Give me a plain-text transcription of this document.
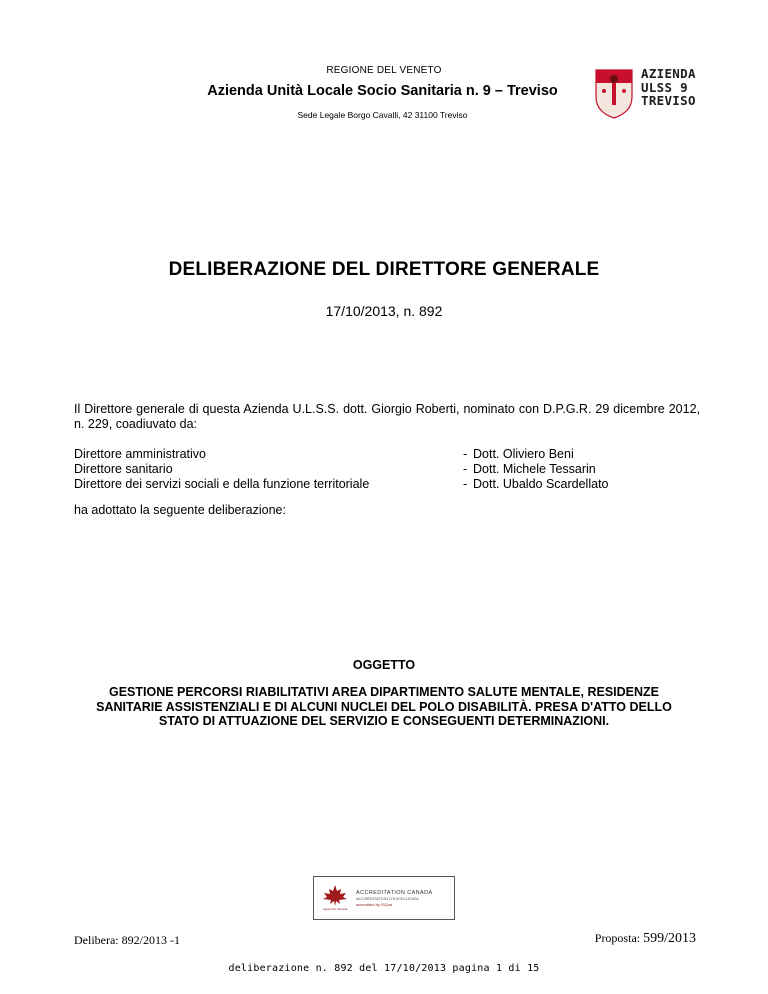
REGIONE DEL VENETO
Azienda Unità Locale Socio Sanitaria n. 9 – Treviso
Sede Legale Borgo Cavalli, 42 31100 Treviso
AZIENDA
ULSS 9
TREVISO
DELIBERAZIONE DEL DIRETTORE GENERALE
17/10/2013, n. 892
Il Direttore generale di questa Azienda U.L.S.S. dott. Giorgio Roberti, nominato con D.P.G.R. 29 dicembre 2012, n. 229, coadiuvato da:
Direttore amministrativo
Direttore sanitario
Direttore dei servizi sociali e della funzione territoriale
- Dott. Oliviero Beni
- Dott. Michele Tessarin
- Dott. Ubaldo Scardellato
ha adottato la seguente deliberazione:
OGGETTO
GESTIONE PERCORSI RIABILITATIVI AREA DIPARTIMENTO SALUTE MENTALE, RESIDENZE SANITARIE ASSISTENZIALI E DI ALCUNI NUCLEI DEL POLO DISABILITÀ. PRESA D'ATTO DELLO STATO DI ATTUAZIONE DEL SERVIZIO E CONSEGUENTI DETERMINAZIONI.
ACCREDITATION CANADA
ACCRÉDITATION D'EXCELLENZA
accredited by ISQua
Agrément Canada
Delibera: 892/2013 -1	Proposta: 599/2013
deliberazione n. 892 del 17/10/2013 pagina 1 di 15
